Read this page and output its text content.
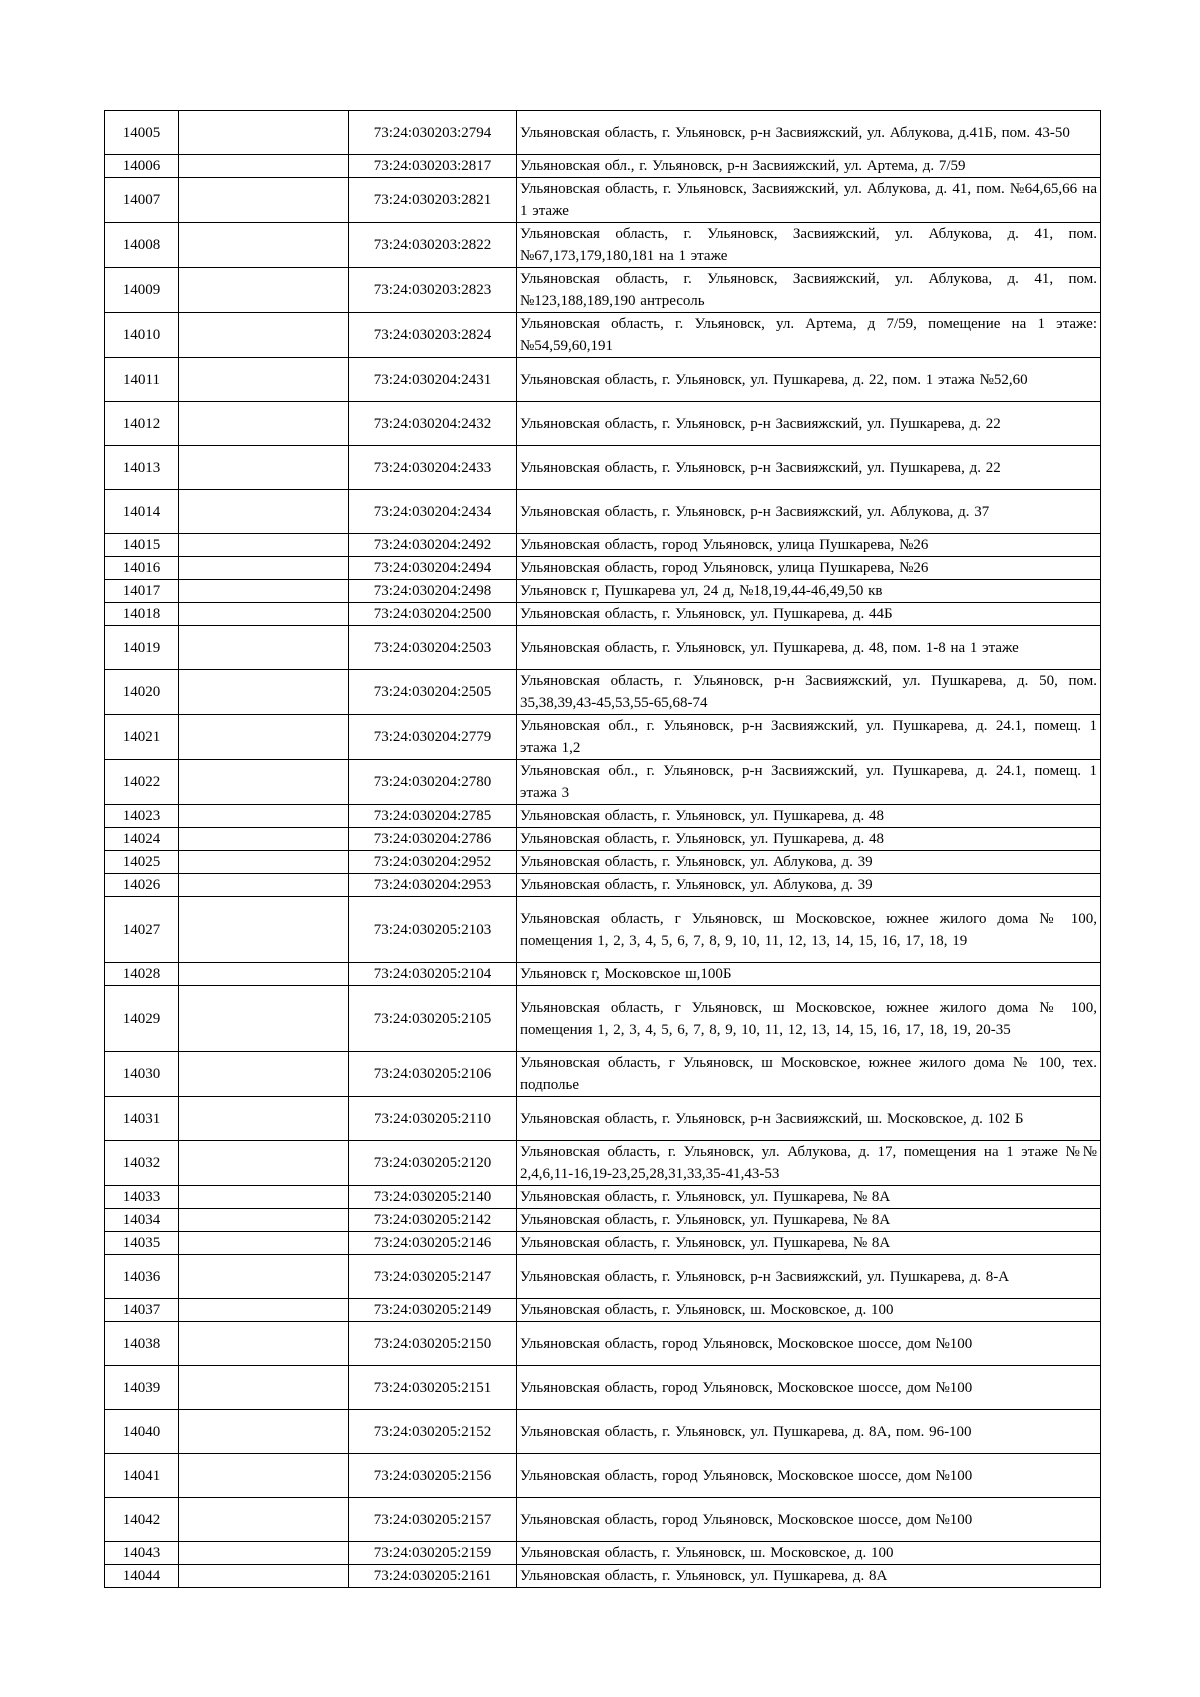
14005		73:24:030203:2794	Ульяновская область, г. Ульяновск, р-н Засвияжский, ул. Аблукова, д.41Б, пом. 43-50
14006		73:24:030203:2817	Ульяновская обл., г. Ульяновск, р-н Засвияжский, ул. Артема, д. 7/59
14007		73:24:030203:2821	Ульяновская область, г. Ульяновск, Засвияжский, ул. Аблукова, д. 41, пом. №64,65,66 на 1 этаже
14008		73:24:030203:2822	Ульяновская область, г. Ульяновск, Засвияжский, ул. Аблукова, д. 41, пом. №67,173,179,180,181 на 1 этаже
14009		73:24:030203:2823	Ульяновская область, г. Ульяновск, Засвияжский, ул. Аблукова, д. 41, пом. №123,188,189,190 антресоль
14010		73:24:030203:2824	Ульяновская область, г. Ульяновск, ул. Артема, д 7/59, помещение на 1 этаже: №54,59,60,191
14011		73:24:030204:2431	Ульяновская область, г. Ульяновск, ул. Пушкарева, д. 22, пом. 1 этажа №52,60
14012		73:24:030204:2432	Ульяновская область, г. Ульяновск, р-н Засвияжский, ул. Пушкарева, д. 22
14013		73:24:030204:2433	Ульяновская область, г. Ульяновск, р-н Засвияжский, ул. Пушкарева, д. 22
14014		73:24:030204:2434	Ульяновская область, г. Ульяновск, р-н Засвияжский, ул. Аблукова, д. 37
14015		73:24:030204:2492	Ульяновская область, город Ульяновск, улица Пушкарева, №26
14016		73:24:030204:2494	Ульяновская область, город Ульяновск, улица Пушкарева, №26
14017		73:24:030204:2498	Ульяновск г, Пушкарева ул, 24 д, №18,19,44-46,49,50 кв
14018		73:24:030204:2500	Ульяновская область, г. Ульяновск, ул. Пушкарева, д. 44Б
14019		73:24:030204:2503	Ульяновская область, г. Ульяновск, ул. Пушкарева, д. 48, пом. 1-8 на 1 этаже
14020		73:24:030204:2505	Ульяновская область, г. Ульяновск, р-н Засвияжский, ул. Пушкарева, д. 50, пом. 35,38,39,43-45,53,55-65,68-74
14021		73:24:030204:2779	Ульяновская обл., г. Ульяновск, р-н Засвияжский, ул. Пушкарева, д. 24.1, помещ. 1 этажа 1,2
14022		73:24:030204:2780	Ульяновская обл., г. Ульяновск, р-н Засвияжский, ул. Пушкарева, д. 24.1, помещ. 1 этажа 3
14023		73:24:030204:2785	Ульяновская область, г. Ульяновск, ул. Пушкарева, д. 48
14024		73:24:030204:2786	Ульяновская область, г. Ульяновск, ул. Пушкарева, д. 48
14025		73:24:030204:2952	Ульяновская область, г. Ульяновск, ул. Аблукова, д. 39
14026		73:24:030204:2953	Ульяновская область, г. Ульяновск, ул. Аблукова, д. 39
14027		73:24:030205:2103	Ульяновская область, г Ульяновск, ш Московское, южнее жилого дома № 100, помещения 1, 2, 3, 4, 5, 6, 7, 8, 9, 10, 11, 12, 13, 14, 15, 16, 17, 18, 19
14028		73:24:030205:2104	Ульяновск г, Московское ш,100Б
14029		73:24:030205:2105	Ульяновская область, г Ульяновск, ш Московское, южнее жилого дома № 100, помещения 1, 2, 3, 4, 5, 6, 7, 8, 9, 10, 11, 12, 13, 14, 15, 16, 17, 18, 19, 20-35
14030		73:24:030205:2106	Ульяновская область, г Ульяновск, ш Московское, южнее жилого дома № 100, тех. подполье
14031		73:24:030205:2110	Ульяновская область, г. Ульяновск, р-н Засвияжский, ш. Московское, д. 102 Б
14032		73:24:030205:2120	Ульяновская область, г. Ульяновск, ул. Аблукова, д. 17, помещения на 1 этаже №№ 2,4,6,11-16,19-23,25,28,31,33,35-41,43-53
14033		73:24:030205:2140	Ульяновская область, г. Ульяновск, ул. Пушкарева, № 8А
14034		73:24:030205:2142	Ульяновская область, г. Ульяновск, ул. Пушкарева, № 8А
14035		73:24:030205:2146	Ульяновская область, г. Ульяновск, ул. Пушкарева, № 8А
14036		73:24:030205:2147	Ульяновская область, г. Ульяновск, р-н Засвияжский, ул. Пушкарева, д. 8-А
14037		73:24:030205:2149	Ульяновская область, г. Ульяновск, ш. Московское, д. 100
14038		73:24:030205:2150	Ульяновская область, город Ульяновск, Московское шоссе, дом №100
14039		73:24:030205:2151	Ульяновская область, город Ульяновск, Московское шоссе, дом №100
14040		73:24:030205:2152	Ульяновская область, г. Ульяновск, ул. Пушкарева, д. 8А, пом. 96-100
14041		73:24:030205:2156	Ульяновская область, город Ульяновск, Московское шоссе, дом №100
14042		73:24:030205:2157	Ульяновская область, город Ульяновск, Московское шоссе, дом №100
14043		73:24:030205:2159	Ульяновская область, г. Ульяновск, ш. Московское, д. 100
14044		73:24:030205:2161	Ульяновская область, г. Ульяновск, ул. Пушкарева, д. 8А
